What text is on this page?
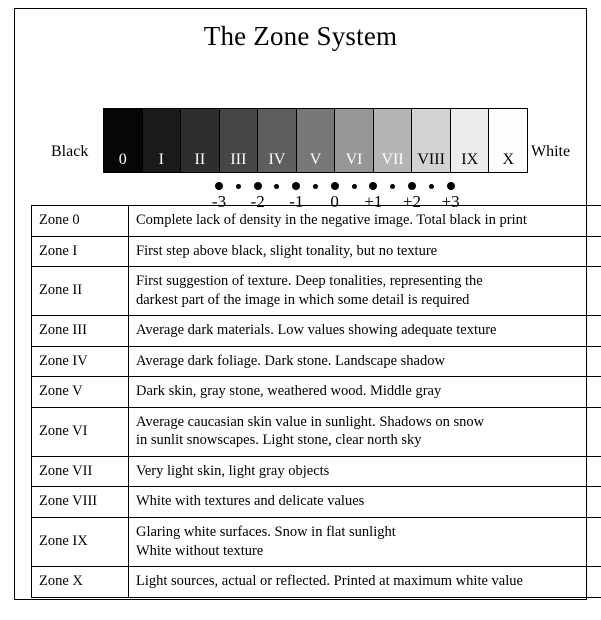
The Zone System
Black	White
0 I II III IV V VI VII VIII IX X
-3 -2 -1 0 +1 +2 +3
Zone 0	Complete lack of density in the negative image. Total black in print
Zone I	First step above black, slight tonality, but no texture
Zone II	First suggestion of texture. Deep tonalities, representing the
darkest part of the image in which some detail is required

Zone III	Average dark materials. Low values showing adequate texture
Zone IV	Average dark foliage. Dark stone. Landscape shadow
Zone V	Dark skin, gray stone, weathered wood. Middle gray
Zone VI	Average caucasian skin value in sunlight. Shadows on snow
in sunlit snowscapes. Light stone, clear north sky

Zone VII	Very light skin, light gray objects
Zone VIII	White with textures and delicate values
Zone IX	Glaring white surfaces. Snow in flat sunlight
White without texture

Zone X	Light sources, actual or reflected. Printed at maximum white value
